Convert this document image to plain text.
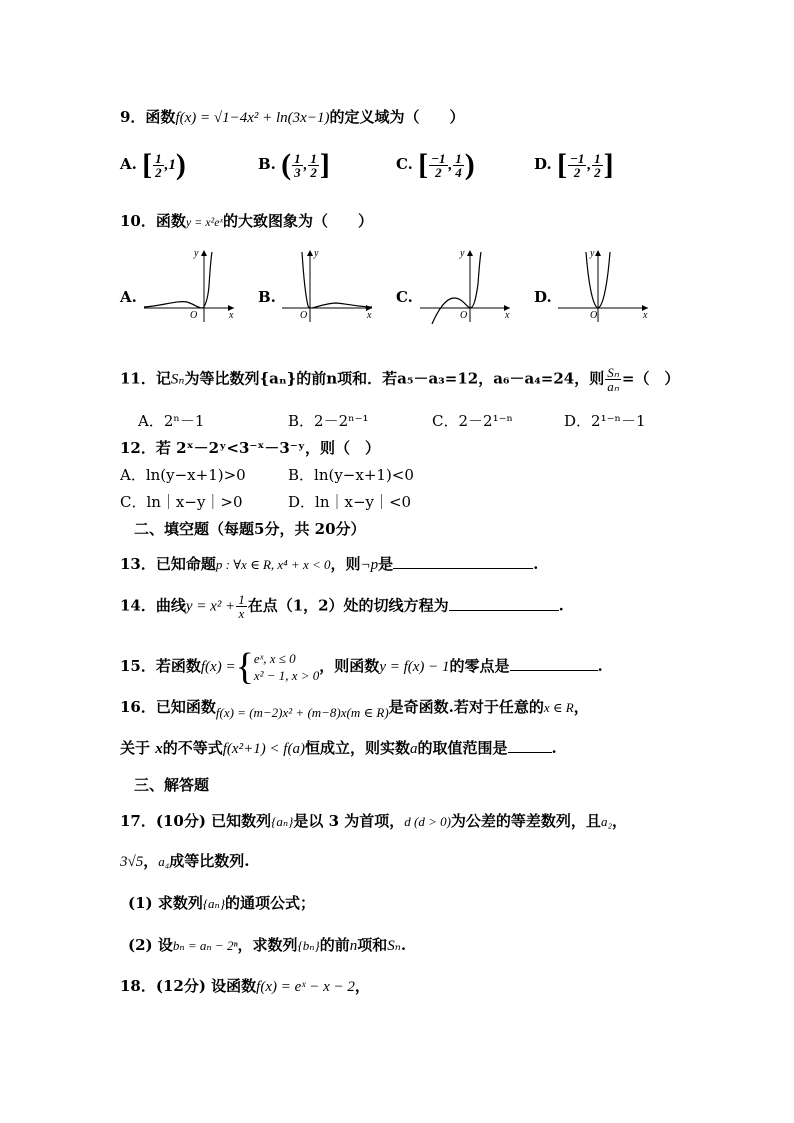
9．函数f(x) = √1−4x² + ln(3x−1)的定义域为（　　）
A. [ $\frac{1}{2} ,1$)	B. ( $\frac{1}{3}$ , $\frac{1}{2}$ ]	C. [ $\frac{-1}{2}$ , $\frac{1}{4}$ )	D. [ $\frac{-1}{2}$ , $\frac{1}{2}$ ]
10．函数y = x²eˣ的大致图象为（　　）
A.	B.	C.	D.
y
x
O
y
x
O
y
x
O
y
x
O
11．记Sₙ为等比数列{aₙ}的前n项和．若a₅－a₃=12，a₆－a₄=24，则 $\frac{\text{Sₙ}}{\text{aₙ}}$ =（　）
A．2ⁿ－1	B．2－2ⁿ⁻¹	C．2－2¹⁻ⁿ	D．2¹⁻ⁿ－1
12．若 2ˣ－2ʸ<3⁻ˣ－3⁻ʸ，则（　）
A．ln(y−x+1)>0	B．ln(y−x+1)<0
C．ln｜x−y｜>0	D．ln｜x−y｜<0
二、填空题（每题5分，共 20分）
13．已知命题p : ∀x ∈ R, x⁴ + x < 0，则¬p是	.
14．曲线$y = x^2 + \frac{1}{x}$ 在点（1，2）处的切线方程为	.
15．若函数f(x) = { eˣ, x ≤ 0
x² − 1, x > 0
，则函数y = f(x) − 1的零点是	.
16．已知函数f(x) = (m−2)x² + (m−8)x(m ∈ R)是奇函数.若对于任意的x ∈ R，
关于 x的不等式f(x²+1) < f(a)恒成立，则实数a的取值范围是	.
三、解答题
17．(10分) 已知数列{aₙ}是以 3 为首项，d (d > 0)为公差的等差数列，且a₂，
3√5，a₄成等比数列.
(1) 求数列{aₙ}的通项公式；
(2) 设bₙ = aₙ − 2ⁿ，求数列{bₙ}的前n项和Sₙ.
18．(12分) 设函数f(x) = eˣ − x − 2，
